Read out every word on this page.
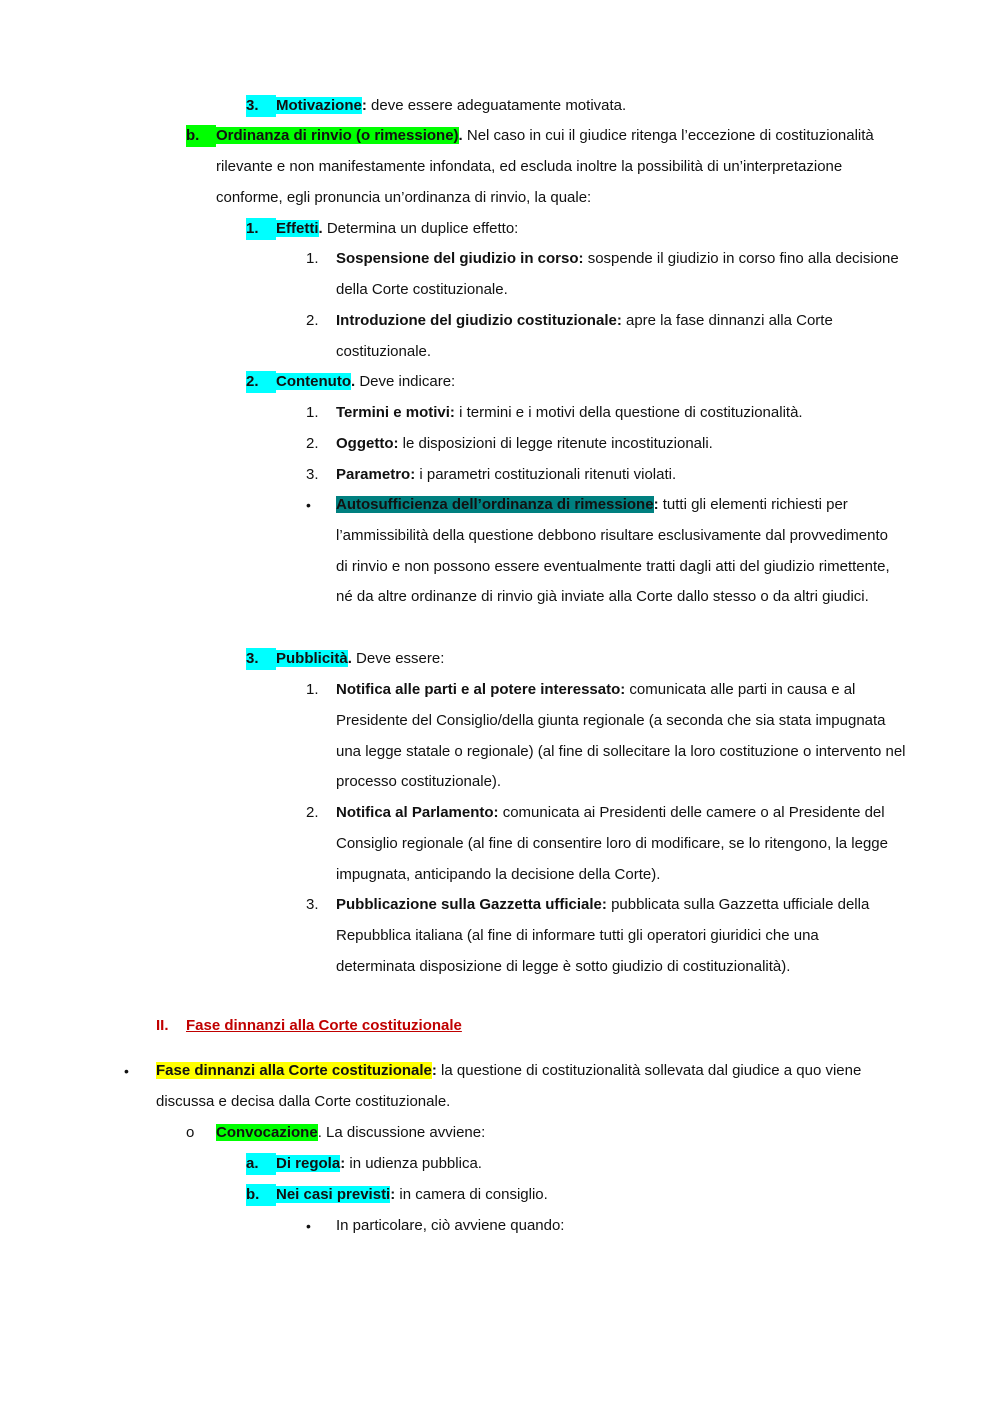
3.	Motivazione: deve essere adeguatamente motivata.
b.	Ordinanza di rinvio (o rimessione). Nel caso in cui il giudice ritenga l’eccezione di costituzionalità rilevante e non manifestamente infondata, ed escluda inoltre la possibilità di un’interpretazione conforme, egli pronuncia un’ordinanza di rinvio, la quale:
1.	Effetti. Determina un duplice effetto:
1. Sospensione del giudizio in corso: sospende il giudizio in corso fino alla decisione della Corte costituzionale.
2. Introduzione del giudizio costituzionale: apre la fase dinnanzi alla Corte costituzionale.
2.	Contenuto. Deve indicare:
1. Termini e motivi: i termini e i motivi della questione di costituzionalità.
2. Oggetto: le disposizioni di legge ritenute incostituzionali.
3. Parametro: i parametri costituzionali ritenuti violati.
• Autosufficienza dell’ordinanza di rimessione: tutti gli elementi richiesti per l’ammissibilità della questione debbono risultare esclusivamente dal provvedimento di rinvio e non possono essere eventualmente tratti dagli atti del giudizio rimettente, né da altre ordinanze di rinvio già inviate alla Corte dallo stesso o da altri giudici.
3.	Pubblicità. Deve essere:
1. Notifica alle parti e al potere interessato: comunicata alle parti in causa e al Presidente del Consiglio/della giunta regionale (a seconda che sia stata impugnata una legge statale o regionale) (al fine di sollecitare la loro costituzione o intervento nel processo costituzionale).
2. Notifica al Parlamento: comunicata ai Presidenti delle camere o al Presidente del Consiglio regionale (al fine di consentire loro di modificare, se lo ritengono, la legge impugnata, anticipando la decisione della Corte).
3. Pubblicazione sulla Gazzetta ufficiale: pubblicata sulla Gazzetta ufficiale della Repubblica italiana (al fine di informare tutti gli operatori giuridici che una determinata disposizione di legge è sotto giudizio di costituzionalità).
II. Fase dinnanzi alla Corte costituzionale
• Fase dinnanzi alla Corte costituzionale: la questione di costituzionalità sollevata dal giudice a quo viene discussa e decisa dalla Corte costituzionale.
o Convocazione. La discussione avviene:
a.	Di regola: in udienza pubblica.
b.	Nei casi previsti: in camera di consiglio.
• In particolare, ciò avviene quando:
